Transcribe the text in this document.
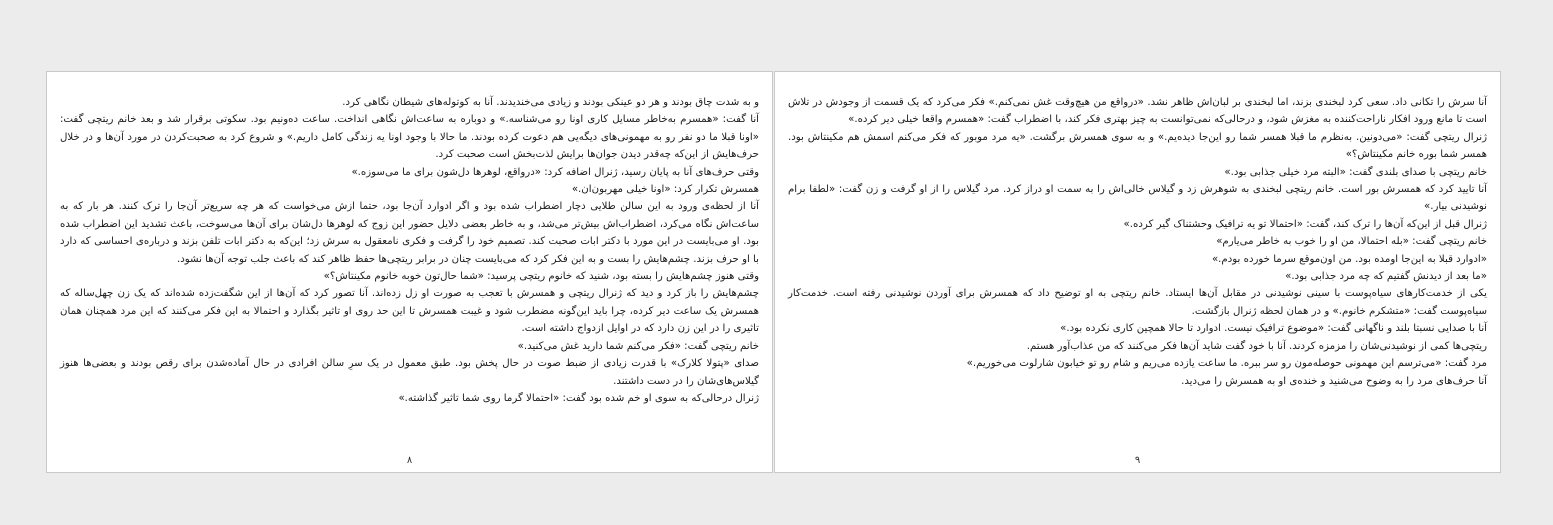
و به شدت چاق بودند و هر دو عینکی بودند و زیادی می‌خندیدند. آنا به کوتوله‌های شیطان نگاهی کرد.

آنا گفت: «همسرم به‌خاطر مسایل کاری اونا رو می‌شناسه.» و دوباره به ساعت‌اش نگاهی انداخت. ساعت ده‌ونیم بود. سکوتی برقرار شد و بعد خانم ریتچی گفت: «اونا قبلا ما دو نفر رو به مهمونی‌های دیگه‌یی هم دعوت کرده بودند. ما حالا با وجود اونا یه زندگی کامل داریم.» و شروع کرد به صحبت‌کردن در مورد آن‌ها و در خلال حرف‌هایش از این‌که چه‌قدر دیدن جوان‌ها برایش لذت‌بخش است صحبت کرد.

وقتی حرف‌های آنا به پایان رسید، ژنرال اضافه کرد: «درواقع، لوهرها دل‌شون برای ما می‌سوزه.»

همسرش تکرار کرد: «اونا خیلی مهربون‌ان.»

آنا از لحظه‌ی ورود به این سالن طلایی دچار اضطراب شده بود و اگر ادوارد آن‌جا بود، حتما ازش می‌خواست که هر چه سریع‌تر آن‌جا را ترک کنند. هر بار که به ساعت‌اش نگاه می‌کرد، اضطراب‌اش بیش‌تر می‌شد، و به خاطر بعضی دلایل حضور این زوج که لوهرها دل‌شان برای آن‌ها می‌سوخت، باعث تشدید این اضطراب شده بود. او می‌بایست در این مورد با دکتر ابات صحبت کند. تصمیم خود را گرفت و فکری نامعقول به سرش زد؛ این‌که به دکتر ابات تلفن بزند و درباره‌ی احساسی که دارد با او حرف بزند. چشم‌هایش را بست و به این فکر کرد که می‌بایست چنان در برابر ریتچی‌ها حفظ ظاهر کند که باعث جلب توجه آن‌ها نشود.

وقتی هنوز چشم‌هایش را بسته بود، شنید که خانوم ریتچی پرسید: «شما حال‌تون خوبه خانوم مکینتاش؟»

چشم‌هایش را باز کرد و دید که ژنرال ریتچی و همسرش با تعجب به صورت او زل زده‌اند. آنا تصور کرد که آن‌ها از این شگفت‌زده شده‌اند که یک زن چهل‌ساله که همسرش یک ساعت دیر کرده، چرا باید این‌گونه مضطرب شود و غیبت همسرش تا این حد روی او تاثیر بگذارد و احتمالا به این فکر می‌کنند که این مرد همچنان همان تاثیری را در این زن دارد که در اوایل ازدواج داشته است.

خانم ریتچی گفت: «فکر می‌کنم شما دارید غش می‌کنید.»

صدای «پتولا کلارک» با قدرت زیادی از ضبط صوت در حال پخش بود. طبق معمول در یک سرِ سالن افرادی در حال آماده‌شدن برای رقص بودند و بعضی‌ها هنوز گیلاس‌های‌شان را در دست داشتند.

ژنرال درحالی‌که به سوی او خم شده بود گفت: «احتمالا گرما روی شما تاثیر گذاشته.»

۸

آنا سرش را تکانی داد. سعی کرد لبخندی بزند، اما لبخندی بر لبان‌اش ظاهر نشد. «درواقع من هیچ‌وقت غش نمی‌کنم.» فکر می‌کرد که یک قسمت از وجودش در تلاش است تا مانع ورود افکار ناراحت‌کننده به مغزش شود، و درحالی‌که نمی‌توانست به چیز بهتری فکر کند، با اضطراب گفت: «همسرم واقعا خیلی دیر کرده.»

ژنرال ریتچی گفت: «می‌دونین. به‌نظرم ما قبلا همسر شما رو این‌جا دیده‌یم.» و به سوی همسرش برگشت. «یه مرد موبور که فکر می‌کنم اسمش هم مکینتاش بود. همسر شما بوره خانم مکینتاش؟»

خانم ریتچی با صدای بلندی گفت: «البته مرد خیلی جذابی بود.»

آنا تایید کرد که همسرش بور است. خانم ریتچی لبخندی به شوهرش زد و گیلاس خالی‌اش را به سمت او دراز کرد. مرد گیلاس را از او گرفت و زن گفت: «لطفا برام نوشیدنی بیار.»

ژنرال قبل از این‌که آن‌ها را ترک کند، گفت: «احتمالا تو یه ترافیک وحشتناک گیر کرده.»

خانم ریتچی گفت: «بله احتمالا، من او را خوب به خاطر می‌یارم»

«ادوارد قبلا به این‌جا اومده بود. من اون‌موقع سرما خورده بودم.»

«ما بعد از دیدنش گفتیم که چه مرد جذابی بود.»

یکی از خدمت‌کارهای سیاه‌پوست با سینی نوشیدنی در مقابل آن‌ها ایستاد. خانم ریتچی به او توضیح داد که همسرش برای آوردن نوشیدنی رفته است. خدمت‌کار سیاه‌پوست گفت: «متشکرم خانوم.» و در همان لحظه ژنرال بازگشت.

آنا با صدایی نسبتا بلند و ناگهانی گفت: «موضوع ترافیک نیست. ادوارد تا حالا همچین کاری نکرده بود.»

ریتچی‌ها کمی از نوشیدنی‌شان را مزمزه کردند. آنا با خود گفت شاید آن‌ها فکر می‌کنند که من عذاب‌آور هستم.

مرد گفت: «می‌ترسم این مهمونی حوصله‌مون رو سر ببره. ما ساعت یازده می‌ریم و شام رو تو خیابون شارلوت می‌خوریم.»

آنا حرف‌های مرد را به وضوح می‌شنید و خنده‌ی او به همسرش را می‌دید.

۹
